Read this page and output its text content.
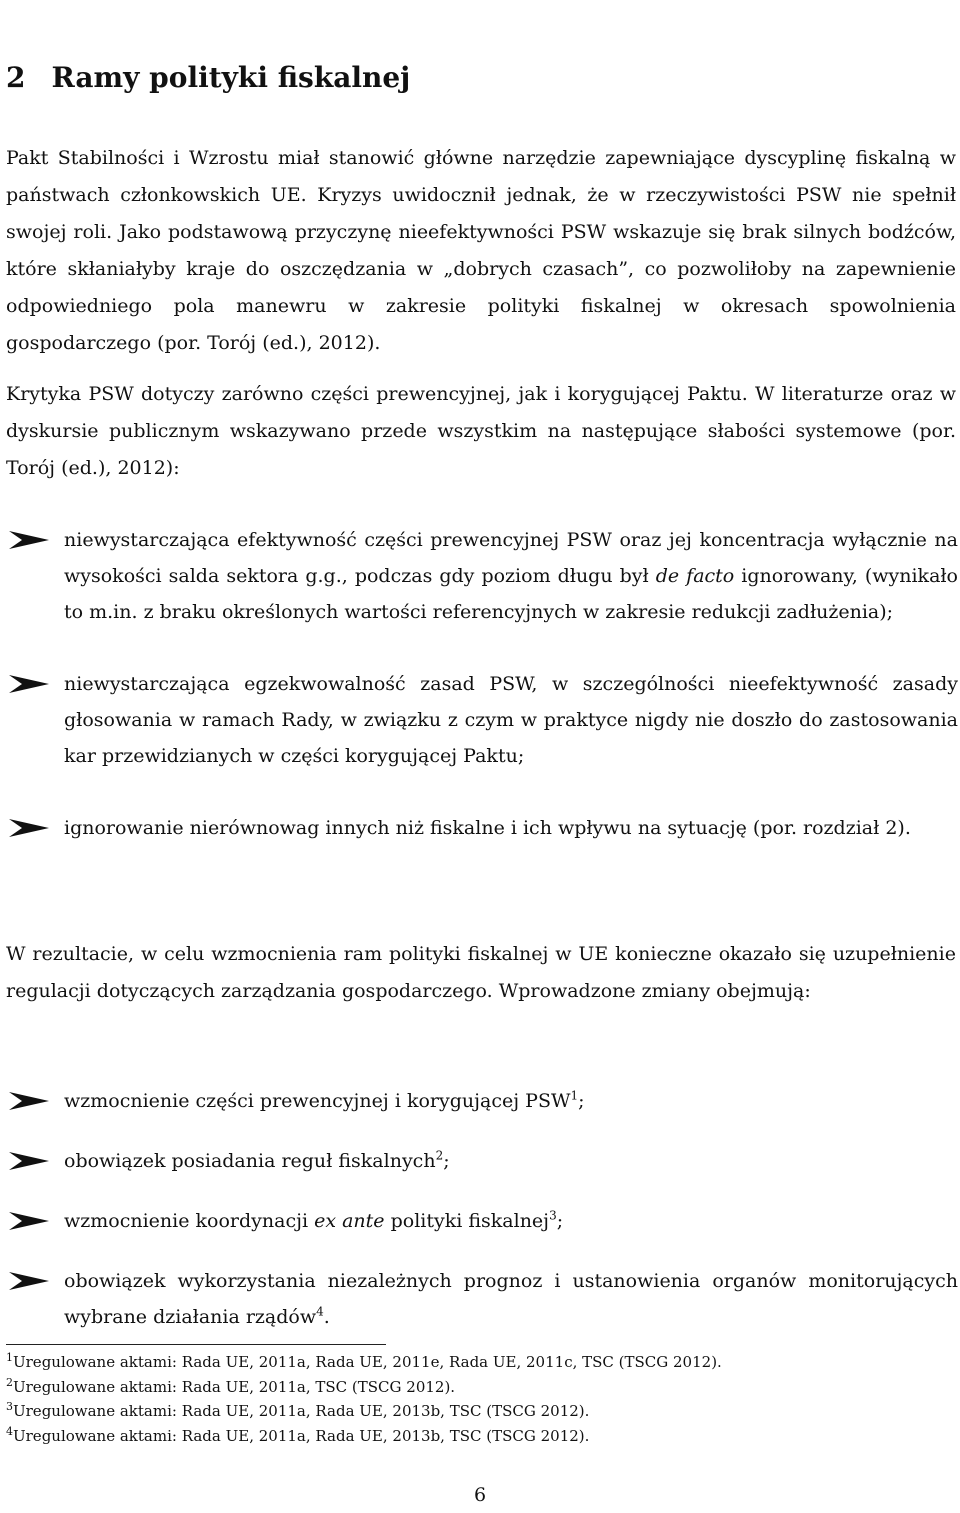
2 Ramy polityki fiskalnej

Pakt Stabilności i Wzrostu miał stanowić główne narzędzie zapewniające dyscyplinę fiskalną w państwach członkowskich UE. Kryzys uwidocznił jednak, że w rzeczywistości PSW nie spełnił swojej roli. Jako podstawową przyczynę nieefektywności PSW wskazuje się brak silnych bodźców, które skłaniałyby kraje do oszczędzania w „dobrych czasach”, co pozwoliłoby na zapewnienie odpowiedniego pola manewru w zakresie polityki fiskalnej w okresach spowolnienia gospodarczego (por. Torój (ed.), 2012).

Krytyka PSW dotyczy zarówno części prewencyjnej, jak i korygującej Paktu. W literaturze oraz w dyskursie publicznym wskazywano przede wszystkim na następujące słabości systemowe (por. Torój (ed.), 2012):

niewystarczająca efektywność części prewencyjnej PSW oraz jej koncentracja wyłącznie na wysokości salda sektora g.g., podczas gdy poziom długu był de facto ignorowany, (wynikało to m.in. z braku określonych wartości referencyjnych w zakresie redukcji zadłużenia);
niewystarczająca egzekwowalność zasad PSW, w szczególności nieefektywność zasady głosowania w ramach Rady, w związku z czym w praktyce nigdy nie doszło do zastosowania kar przewidzianych w części korygującej Paktu;
ignorowanie nierównowag innych niż fiskalne i ich wpływu na sytuację (por. rozdział 2).

W rezultacie, w celu wzmocnienia ram polityki fiskalnej w UE konieczne okazało się uzupełnienie regulacji dotyczących zarządzania gospodarczego. Wprowadzone zmiany obejmują:

wzmocnienie części prewencyjnej i korygującej PSW$^1$;
obowiązek posiadania reguł fiskalnych$^2$;
wzmocnienie koordynacji ex ante polityki fiskalnej$^3$;
obowiązek wykorzystania niezależnych prognoz i ustanowienia organów monitorujących wybrane działania rządów$^4$.
$^1$Uregulowane aktami: Rada UE, 2011a, Rada UE, 2011e, Rada UE, 2011c, TSC (TSCG 2012).
$^2$Uregulowane aktami: Rada UE, 2011a, TSC (TSCG 2012).
$^3$Uregulowane aktami: Rada UE, 2011a, Rada UE, 2013b, TSC (TSCG 2012).
$^4$Uregulowane aktami: Rada UE, 2011a, Rada UE, 2013b, TSC (TSCG 2012).
6
